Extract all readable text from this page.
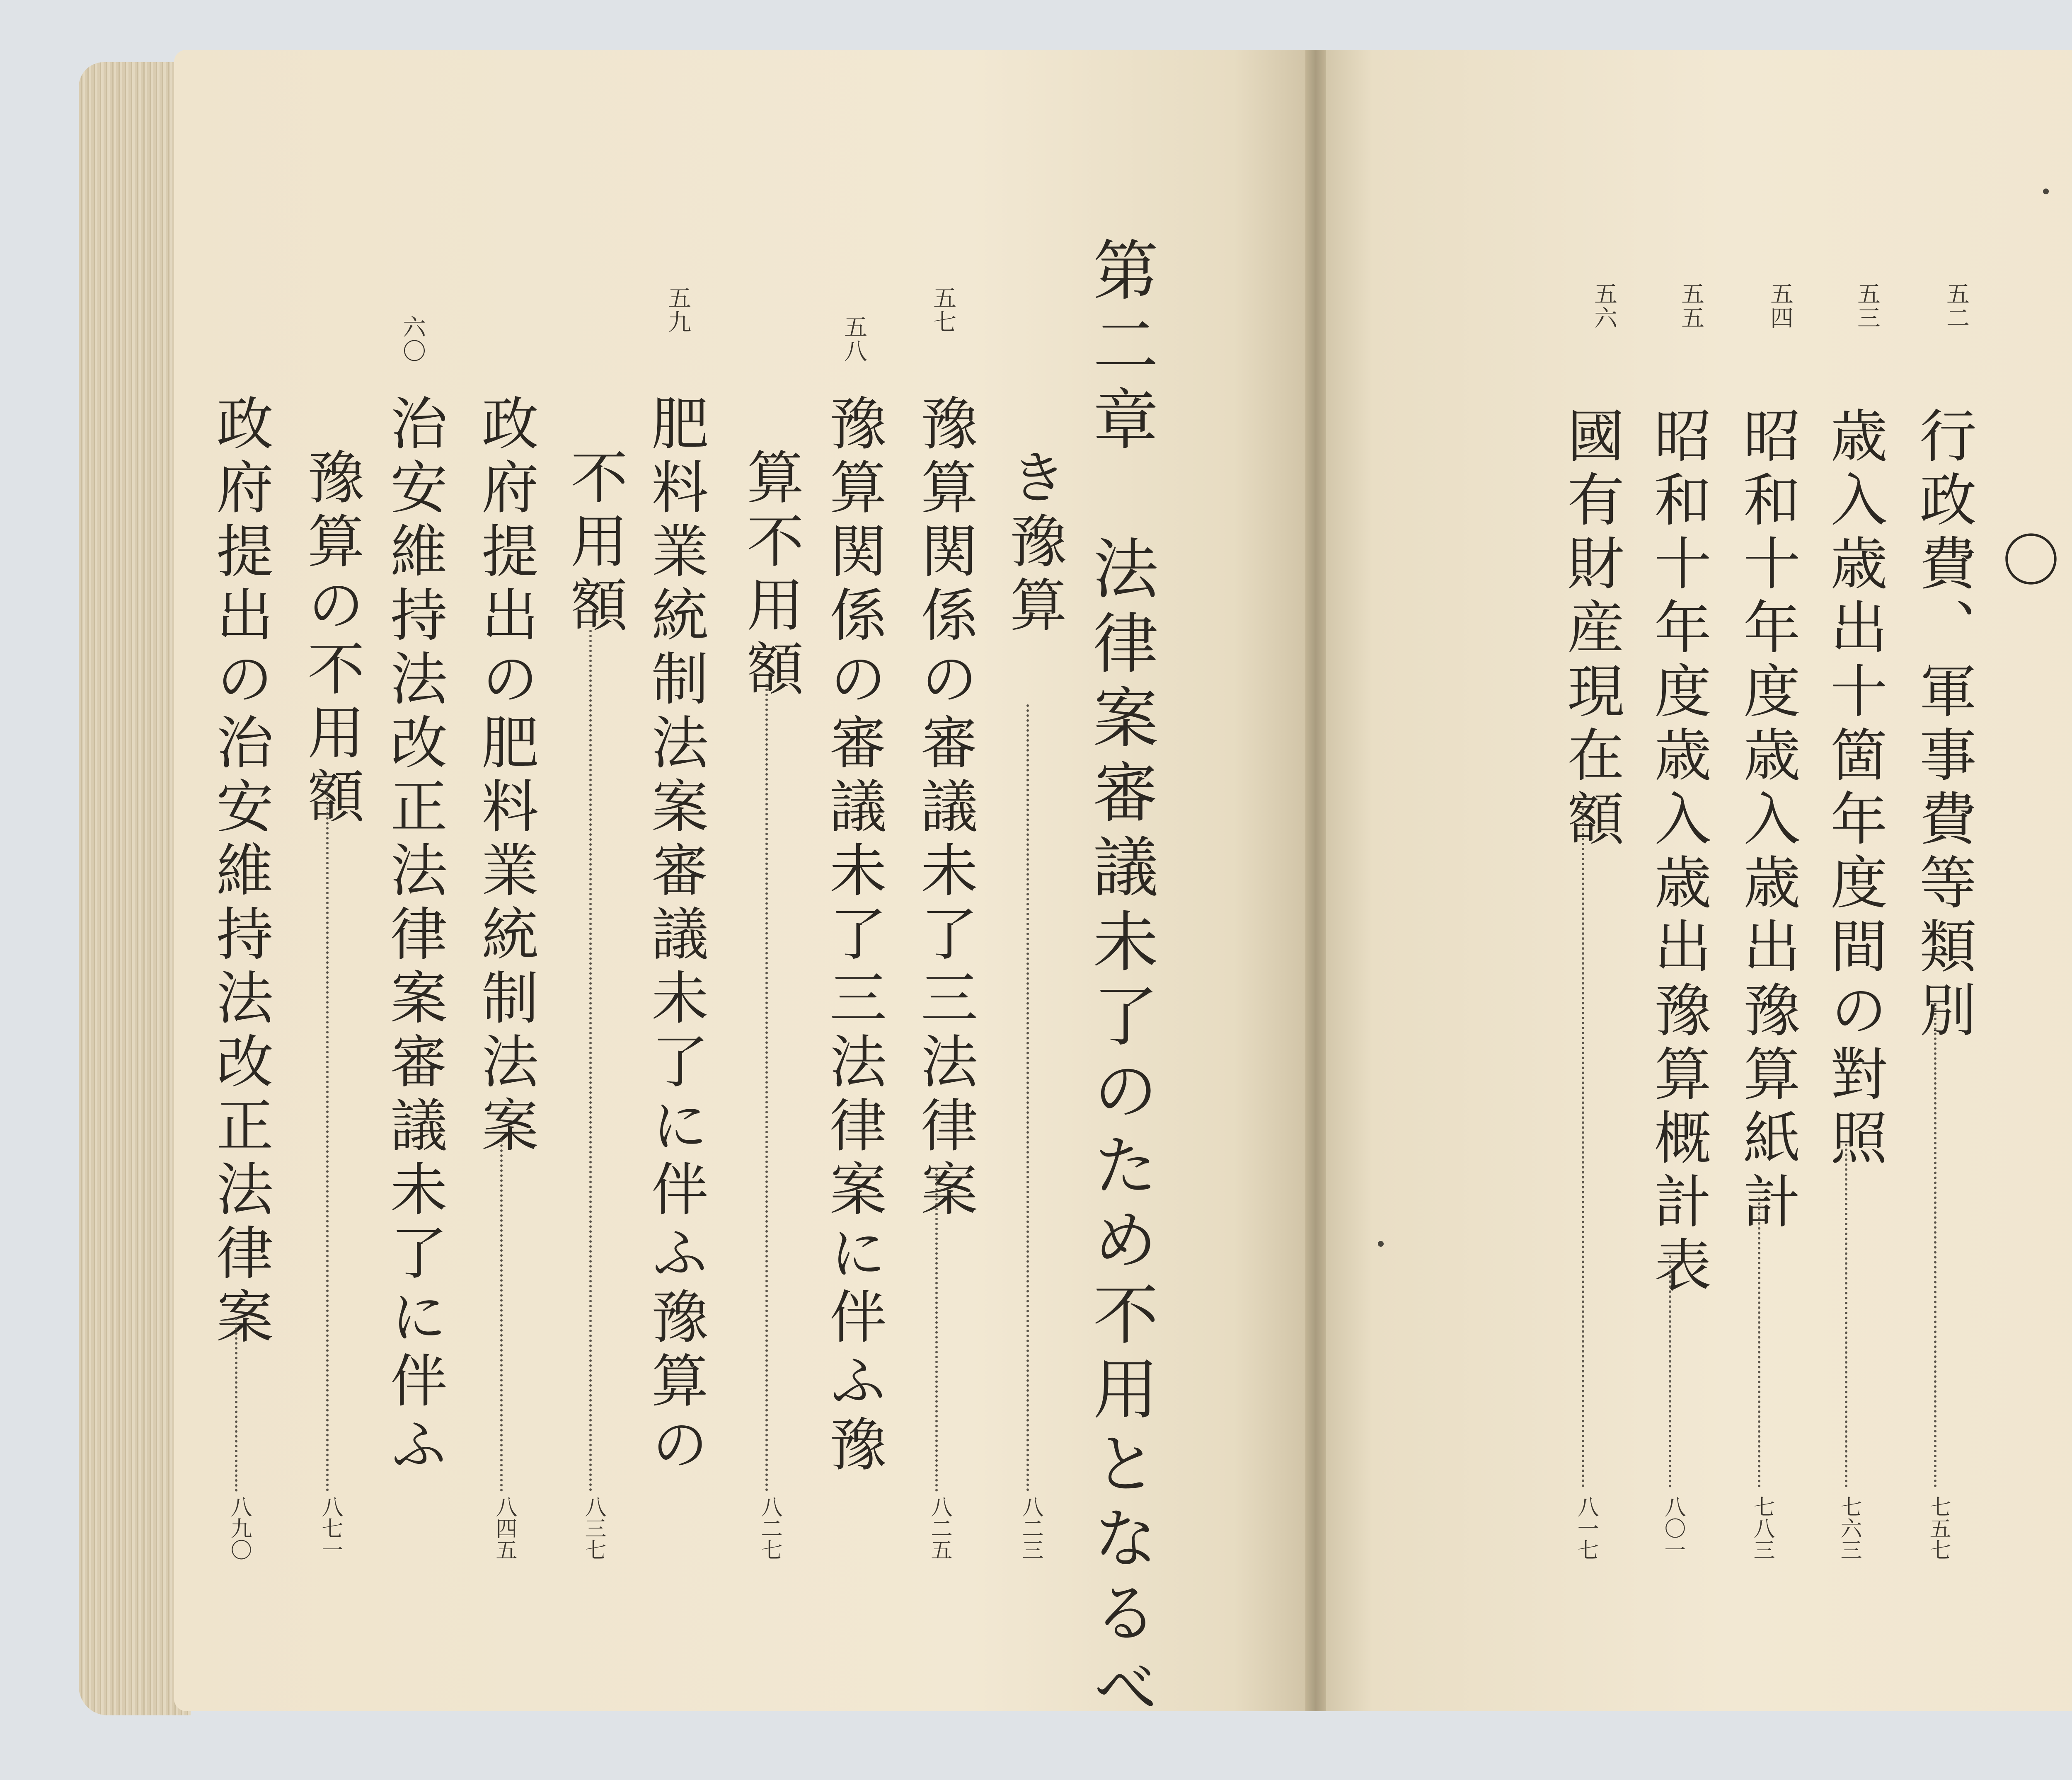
〇
五二
行政費、軍事費等類別
七五七
五三
歳入歳出十箇年度間の對照
七六三
五四
昭和十年度歳入歳出豫算紙計
七八三
五五
昭和十年度歳入歳出豫算概計表
八〇一
五六
國有財産現在額
八一七
第二章　法律案審議未了のため不用となるべ
き豫算
八二三
五七
豫算関係の審議未了三法律案
八二五
五八
豫算関係の審議未了三法律案に伴ふ豫
算不用額
八二七
五九
肥料業統制法案審議未了に伴ふ豫算の
不用額
八三七
政府提出の肥料業統制法案
八四五
六〇
治安維持法改正法律案審議未了に伴ふ
豫算の不用額
八七一
政府提出の治安維持法改正法律案
八九〇
